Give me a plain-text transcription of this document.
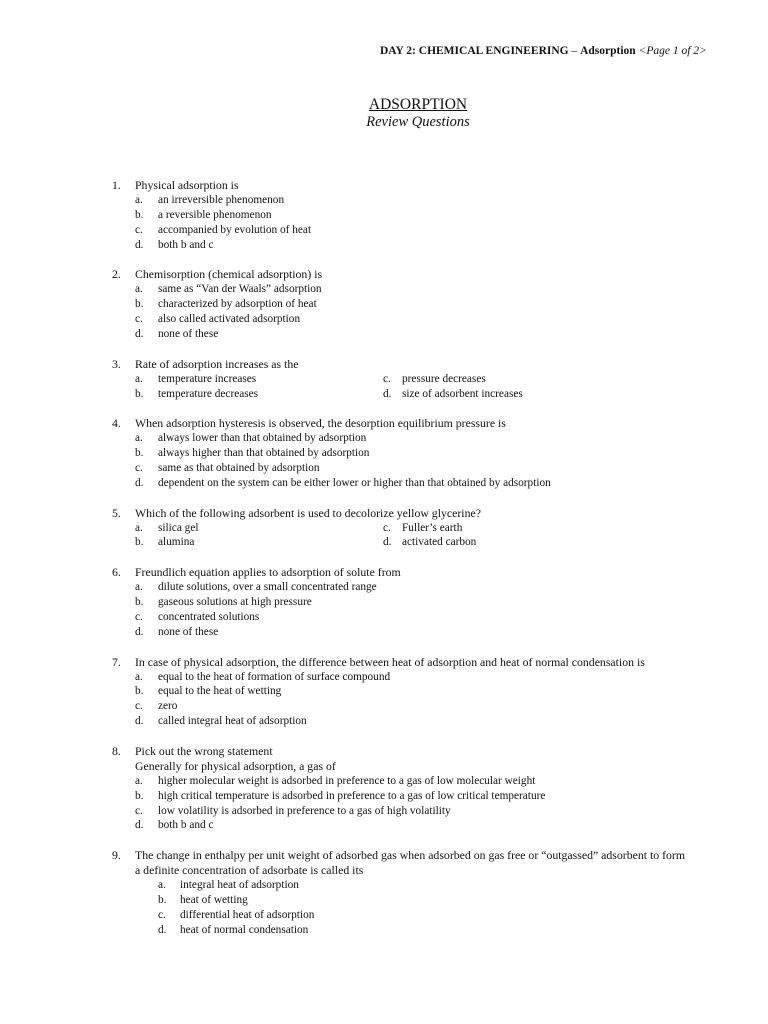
DAY 2: CHEMICAL ENGINEERING – Adsorption <Page 1 of 2>
ADSORPTION
Review Questions
1.	Physical adsorption is
a. an irreversible phenomenon
b. a reversible phenomenon
c. accompanied by evolution of heat
d. both b and c
2.	Chemisorption (chemical adsorption) is
a. same as “Van der Waals” adsorption
b. characterized by adsorption of heat
c. also called activated adsorption
d. none of these
3.	Rate of adsorption increases as the
a. temperature increases	c. pressure decreases
b. temperature decreases	d. size of adsorbent increases
4.	When adsorption hysteresis is observed, the desorption equilibrium pressure is
a. always lower than that obtained by adsorption
b. always higher than that obtained by adsorption
c. same as that obtained by adsorption
d. dependent on the system can be either lower or higher than that obtained by adsorption
5.	Which of the following adsorbent is used to decolorize yellow glycerine?
a. silica gel	c. Fuller’s earth
b. alumina	d. activated carbon
6.	Freundlich equation applies to adsorption of solute from
a. dilute solutions, over a small concentrated range
b. gaseous solutions at high pressure
c. concentrated solutions
d. none of these
7.	In case of physical adsorption, the difference between heat of adsorption and heat of normal condensation is
a. equal to the heat of formation of surface compound
b. equal to the heat of wetting
c. zero
d. called integral heat of adsorption
8.	Pick out the wrong statement
Generally for physical adsorption, a gas of
a. higher molecular weight is adsorbed in preference to a gas of low molecular weight
b. high critical temperature is adsorbed in preference to a gas of low critical temperature
c. low volatility is adsorbed in preference to a gas of high volatility
d. both b and c
9.	The change in enthalpy per unit weight of adsorbed gas when adsorbed on gas free or “outgassed” adsorbent to form
a definite concentration of adsorbate is called its
a. integral heat of adsorption
b. heat of wetting
c. differential heat of adsorption
d. heat of normal condensation
